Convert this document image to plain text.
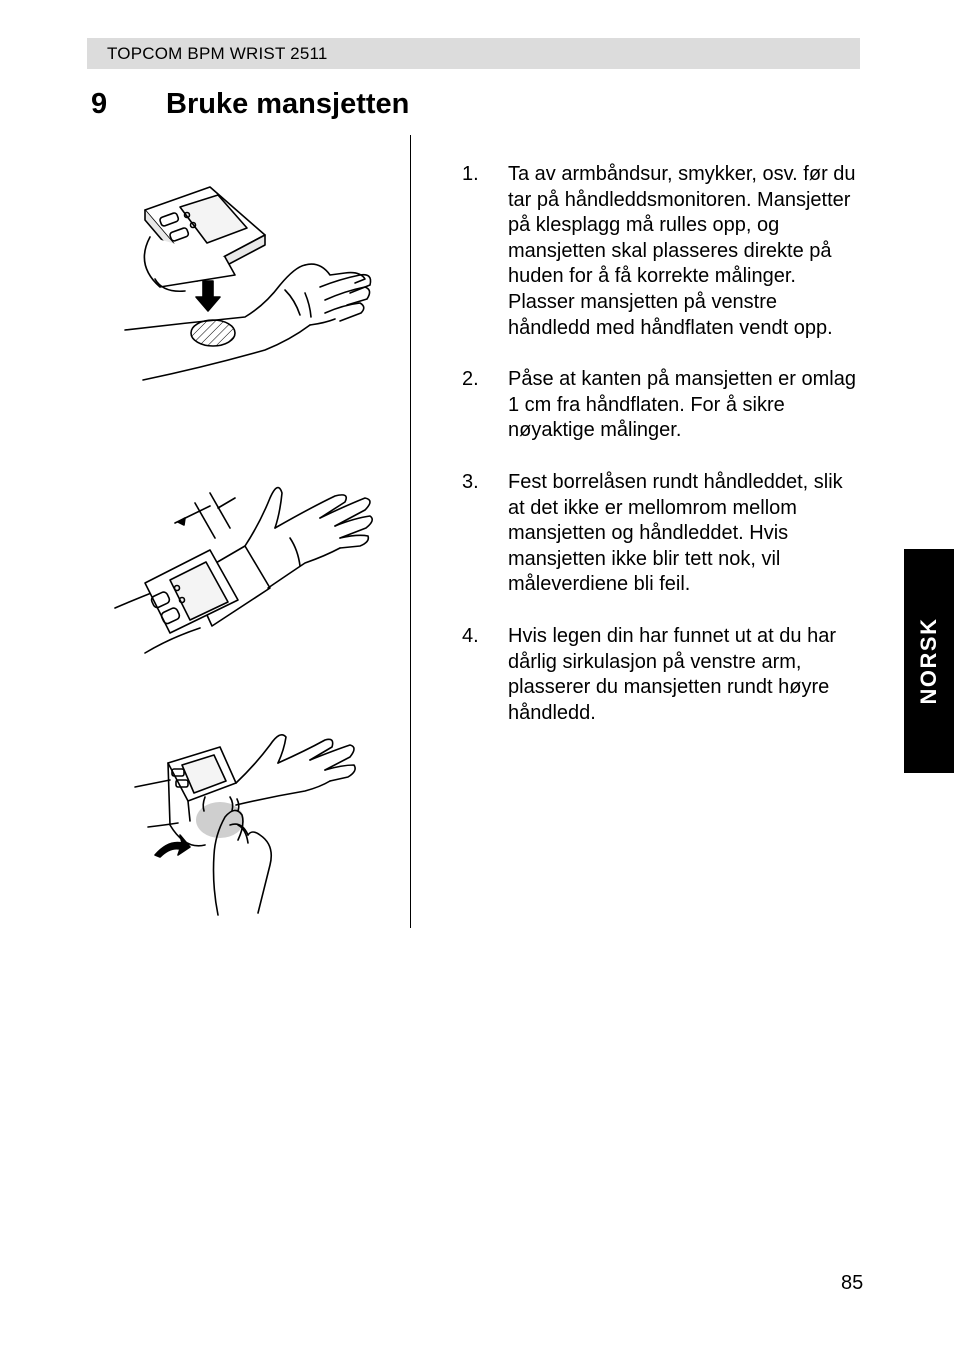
TOPCOM BPM WRIST 2511
9 Bruke mansjetten
1. Ta av armbåndsur, smykker, osv. før du tar på håndleddsmonitoren. Mansjetter på klesplagg må rulles opp, og mansjetten skal plasseres direkte på huden for å få korrekte målinger. Plasser mansjetten på venstre håndledd med håndflaten vendt opp.
2. Påse at kanten på mansjetten er omlag 1 cm fra håndflaten. For å sikre nøyaktige målinger.
3. Fest borrelåsen rundt håndleddet, slik at det ikke er mellomrom mellom mansjetten og håndleddet. Hvis mansjetten ikke blir tett nok, vil måleverdiene bli feil.
4. Hvis legen din har funnet ut at du har dårlig sirkulasjon på venstre arm, plasserer du mansjetten rundt høyre håndledd.
NORSK
85
